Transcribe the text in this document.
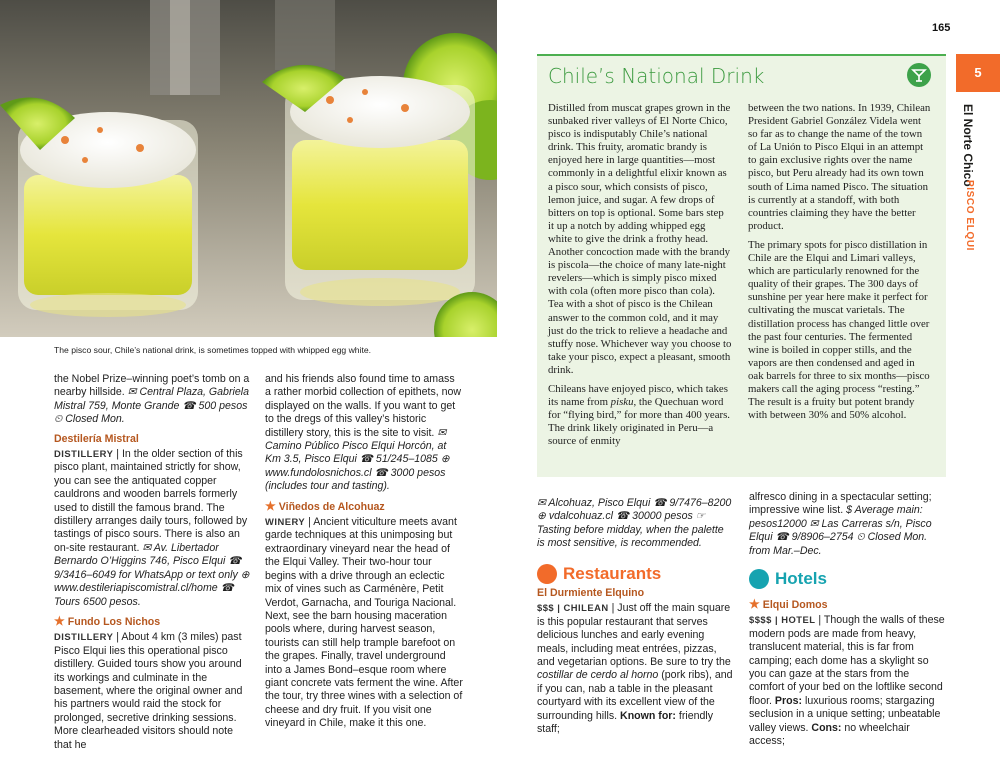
The pisco sour, Chile’s national drink, is sometimes topped with whipped egg white.
165
5
El Norte Chico
PISCO ELQUI

the Nobel Prize–winning poet’s tomb on a nearby hillside. ✉ Central Plaza, Gabriela Mistral 759, Monte Grande ☎ 500 pesos ⏲ Closed Mon.

Destilería Mistral

DISTILLERY | In the older section of this pisco plant, maintained strictly for show, you can see the antiquated copper cauldrons and wooden barrels formerly used to distill the famous brand. The distillery arranges daily tours, followed by tastings of pisco sours. There is also an on-site restaurant. ✉ Av. Libertador Bernardo O’Higgins 746, Pisco Elqui ☎ 9/3416–6049 for WhatsApp or text only ⊕ www.destileriapiscomistral.cl/home ☎ Tours 6500 pesos.

★ Fundo Los Nichos

DISTILLERY | About 4 km (3 miles) past Pisco Elqui lies this operational pisco distillery. Guided tours show you around its workings and culminate in the basement, where the original owner and his partners would raid the stock for prolonged, secretive drinking sessions. More clearheaded visitors should note that he

and his friends also found time to amass a rather morbid collection of epithets, now displayed on the walls. If you want to get to the dregs of this valley’s historic distillery story, this is the site to visit. ✉ Camino Público Pisco Elqui Horcón, at Km 3.5, Pisco Elqui ☎ 51/245–1085 ⊕ www.fundolosnichos.cl ☎ 3000 pesos (includes tour and tasting).

★ Viñedos de Alcohuaz

WINERY | Ancient viticulture meets avant garde techniques at this unimposing but extraordinary vineyard near the head of the Elqui Valley. Their two-hour tour begins with a drive through an eclectic mix of vines such as Carménère, Petit Verdot, Garnacha, and Touriga Nacional. Next, see the barn housing maceration pools where, during harvest season, tourists can still help trample barefoot on the grapes. Finally, travel underground into a James Bond–esque room where giant concrete vats ferment the wine. After the tour, try three wines with a selection of cheese and dry fruit. If you visit one vineyard in Chile, make it this one.

Chile’s National Drink

Distilled from muscat grapes grown in the sunbaked river valleys of El Norte Chico, pisco is indisputably Chile’s national drink. This fruity, aromatic brandy is enjoyed here in large quantities—most commonly in a delightful elixir known as a pisco sour, which consists of pisco, lemon juice, and sugar. A few drops of bitters on top is optional. Some bars step it up a notch by adding whipped egg white to give the drink a frothy head. Another concoction made with the brandy is piscola—the choice of many late-night revelers—which is simply pisco mixed with cola (often more pisco than cola). Tea with a shot of pisco is the Chilean answer to the common cold, and it may just do the trick to relieve a headache and stuffy nose. Whichever way you choose to take your pisco, expect a pleasant, smooth drink.

Chileans have enjoyed pisco, which takes its name from pisku, the Quechuan word for “flying bird,” for more than 400 years. The drink likely originated in Peru—a source of enmity

between the two nations. In 1939, Chilean President Gabriel González Videla went so far as to change the name of the town of La Unión to Pisco Elqui in an attempt to gain exclusive rights over the name pisco, but Peru already had its own town south of Lima named Pisco. The situation is currently at a standoff, with both countries claiming they have the better product.

The primary spots for pisco distillation in Chile are the Elqui and Limari valleys, which are particularly renowned for the quality of their grapes. The 300 days of sunshine per year here make it perfect for cultivating the muscat varietals. The distillation process has changed little over the past four centuries. The fermented wine is boiled in copper stills, and the vapors are then condensed and aged in oak barrels for three to six months—pisco makers call the aging process “resting.” The result is a fruity but potent brandy with between 30% and 50% alcohol.

✉ Alcohuaz, Pisco Elqui ☎ 9/7476–8200 ⊕ vdalcohuaz.cl ☎ 30000 pesos ☞ Tasting before midday, when the palette is most sensitive, is recommended.

Restaurants
El Durmiente Elquino

$$$ | CHILEAN | Just off the main square is this popular restaurant that serves delicious lunches and early evening meals, including meat entrées, pizzas, and vegetarian options. Be sure to try the costillar de cerdo al horno (pork ribs), and if you can, nab a table in the pleasant courtyard with its excellent view of the surrounding hills. Known for: friendly staff;

alfresco dining in a spectacular setting; impressive wine list. $ Average main: pesos12000 ✉ Las Carreras s/n, Pisco Elqui ☎ 9/8906–2754 ⏲ Closed Mon. from Mar.–Dec.

Hotels
★ Elqui Domos

$$$$ | HOTEL | Though the walls of these modern pods are made from heavy, translucent material, this is far from camping; each dome has a skylight so you can gaze at the stars from the comfort of your bed on the loftlike second floor. Pros: luxurious rooms; stargazing seclusion in a unique setting; unbeatable valley views. Cons: no wheelchair access;
